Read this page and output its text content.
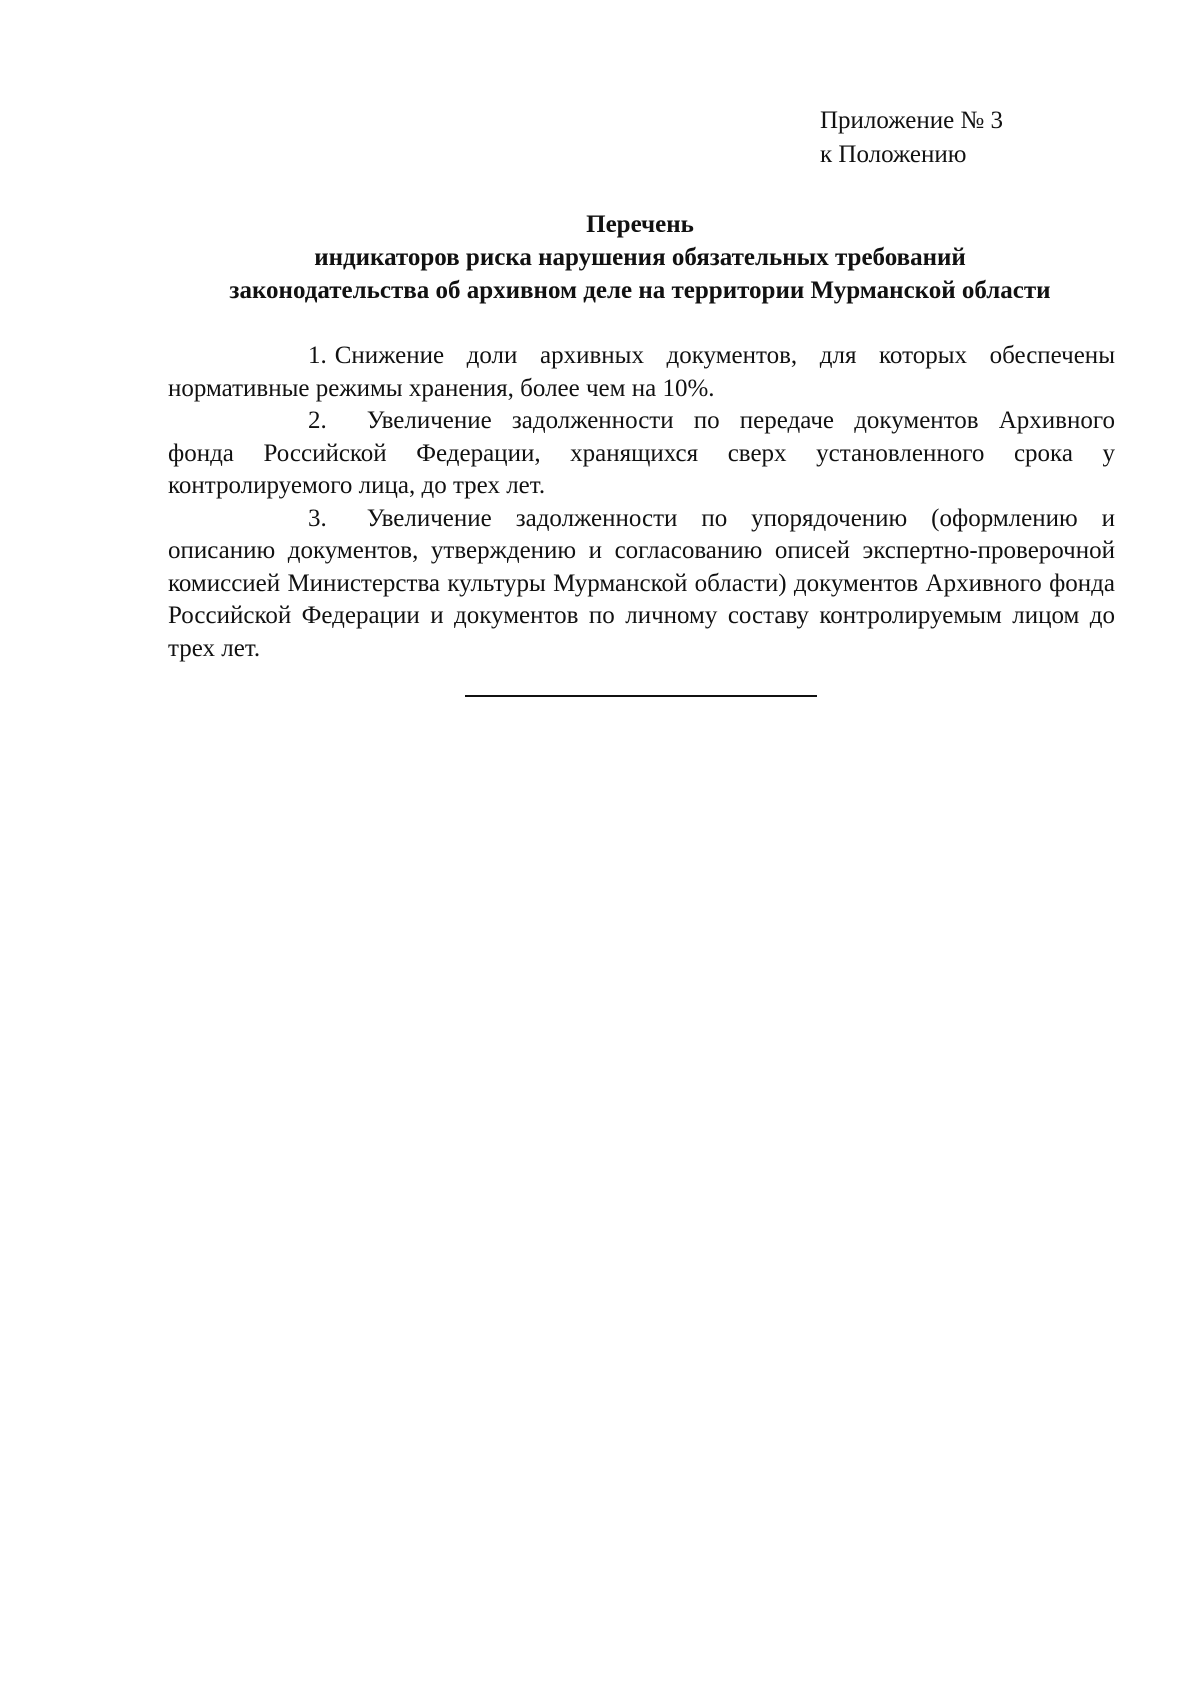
Приложение № 3
к Положению
Перечень
индикаторов риска нарушения обязательных требований
законодательства об архивном деле на территории Мурманской области

1. Снижение доли архивных документов, для которых обеспечены нормативные режимы хранения, более чем на 10%.

2. Увеличение задолженности по передаче документов Архивного фонда Российской Федерации, хранящихся сверх установленного срока у контролируемого лица, до трех лет.

3. Увеличение задолженности по упорядочению (оформлению и описанию документов, утверждению и согласованию описей экспертно-проверочной комиссией Министерства культуры Мурманской области) документов Архивного фонда Российской Федерации и документов по личному составу контролируемым лицом до трех лет.
